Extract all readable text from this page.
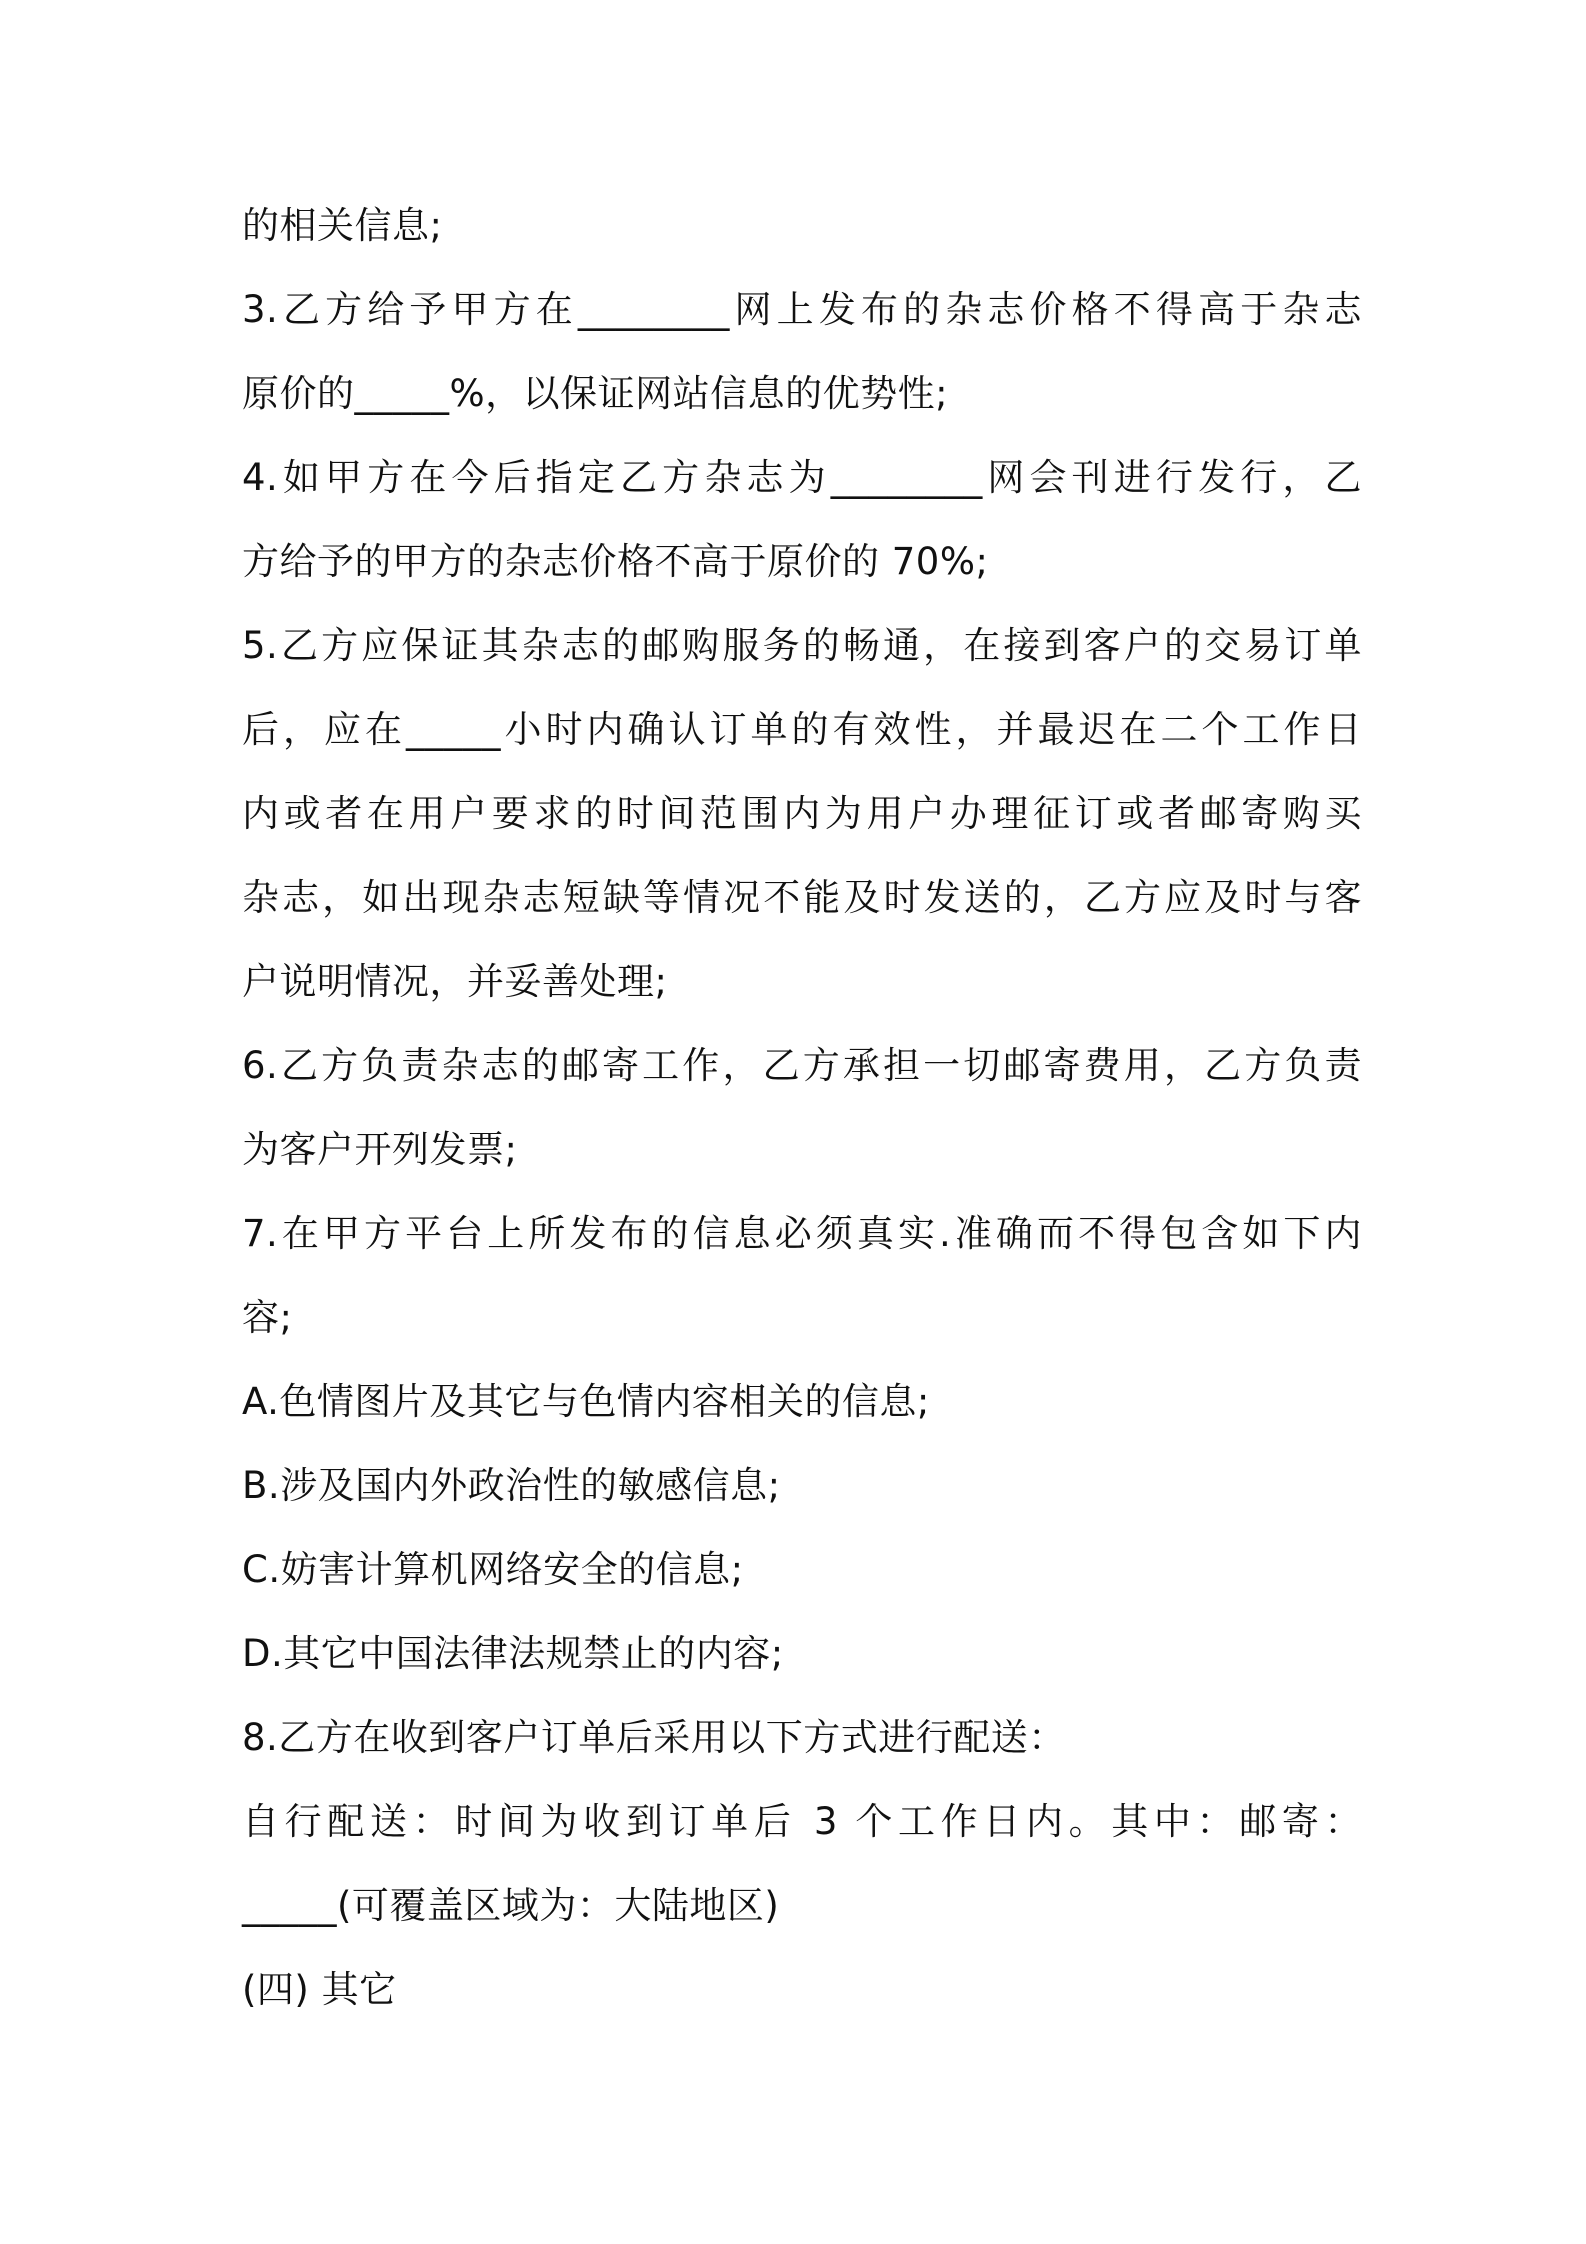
的相关信息;
3.乙方给予甲方在________网上发布的杂志价格不得高于杂志
原价的_____%，以保证网站信息的优势性;
4.如甲方在今后指定乙方杂志为________网会刊进行发行，乙
方给予的甲方的杂志价格不高于原价的 70%;
5.乙方应保证其杂志的邮购服务的畅通，在接到客户的交易订单
后，应在_____小时内确认订单的有效性，并最迟在二个工作日
内或者在用户要求的时间范围内为用户办理征订或者邮寄购买
杂志，如出现杂志短缺等情况不能及时发送的，乙方应及时与客
户说明情况，并妥善处理;
6.乙方负责杂志的邮寄工作，乙方承担一切邮寄费用，乙方负责
为客户开列发票;
7.在甲方平台上所发布的信息必须真实.准确而不得包含如下内
容;
A.色情图片及其它与色情内容相关的信息;
B.涉及国内外政治性的敏感信息;
C.妨害计算机网络安全的信息;
D.其它中国法律法规禁止的内容;
8.乙方在收到客户订单后采用以下方式进行配送：
自行配送：时间为收到订单后 3 个工作日内。其中：邮寄：
_____(可覆盖区域为：大陆地区)
(四) 其它
